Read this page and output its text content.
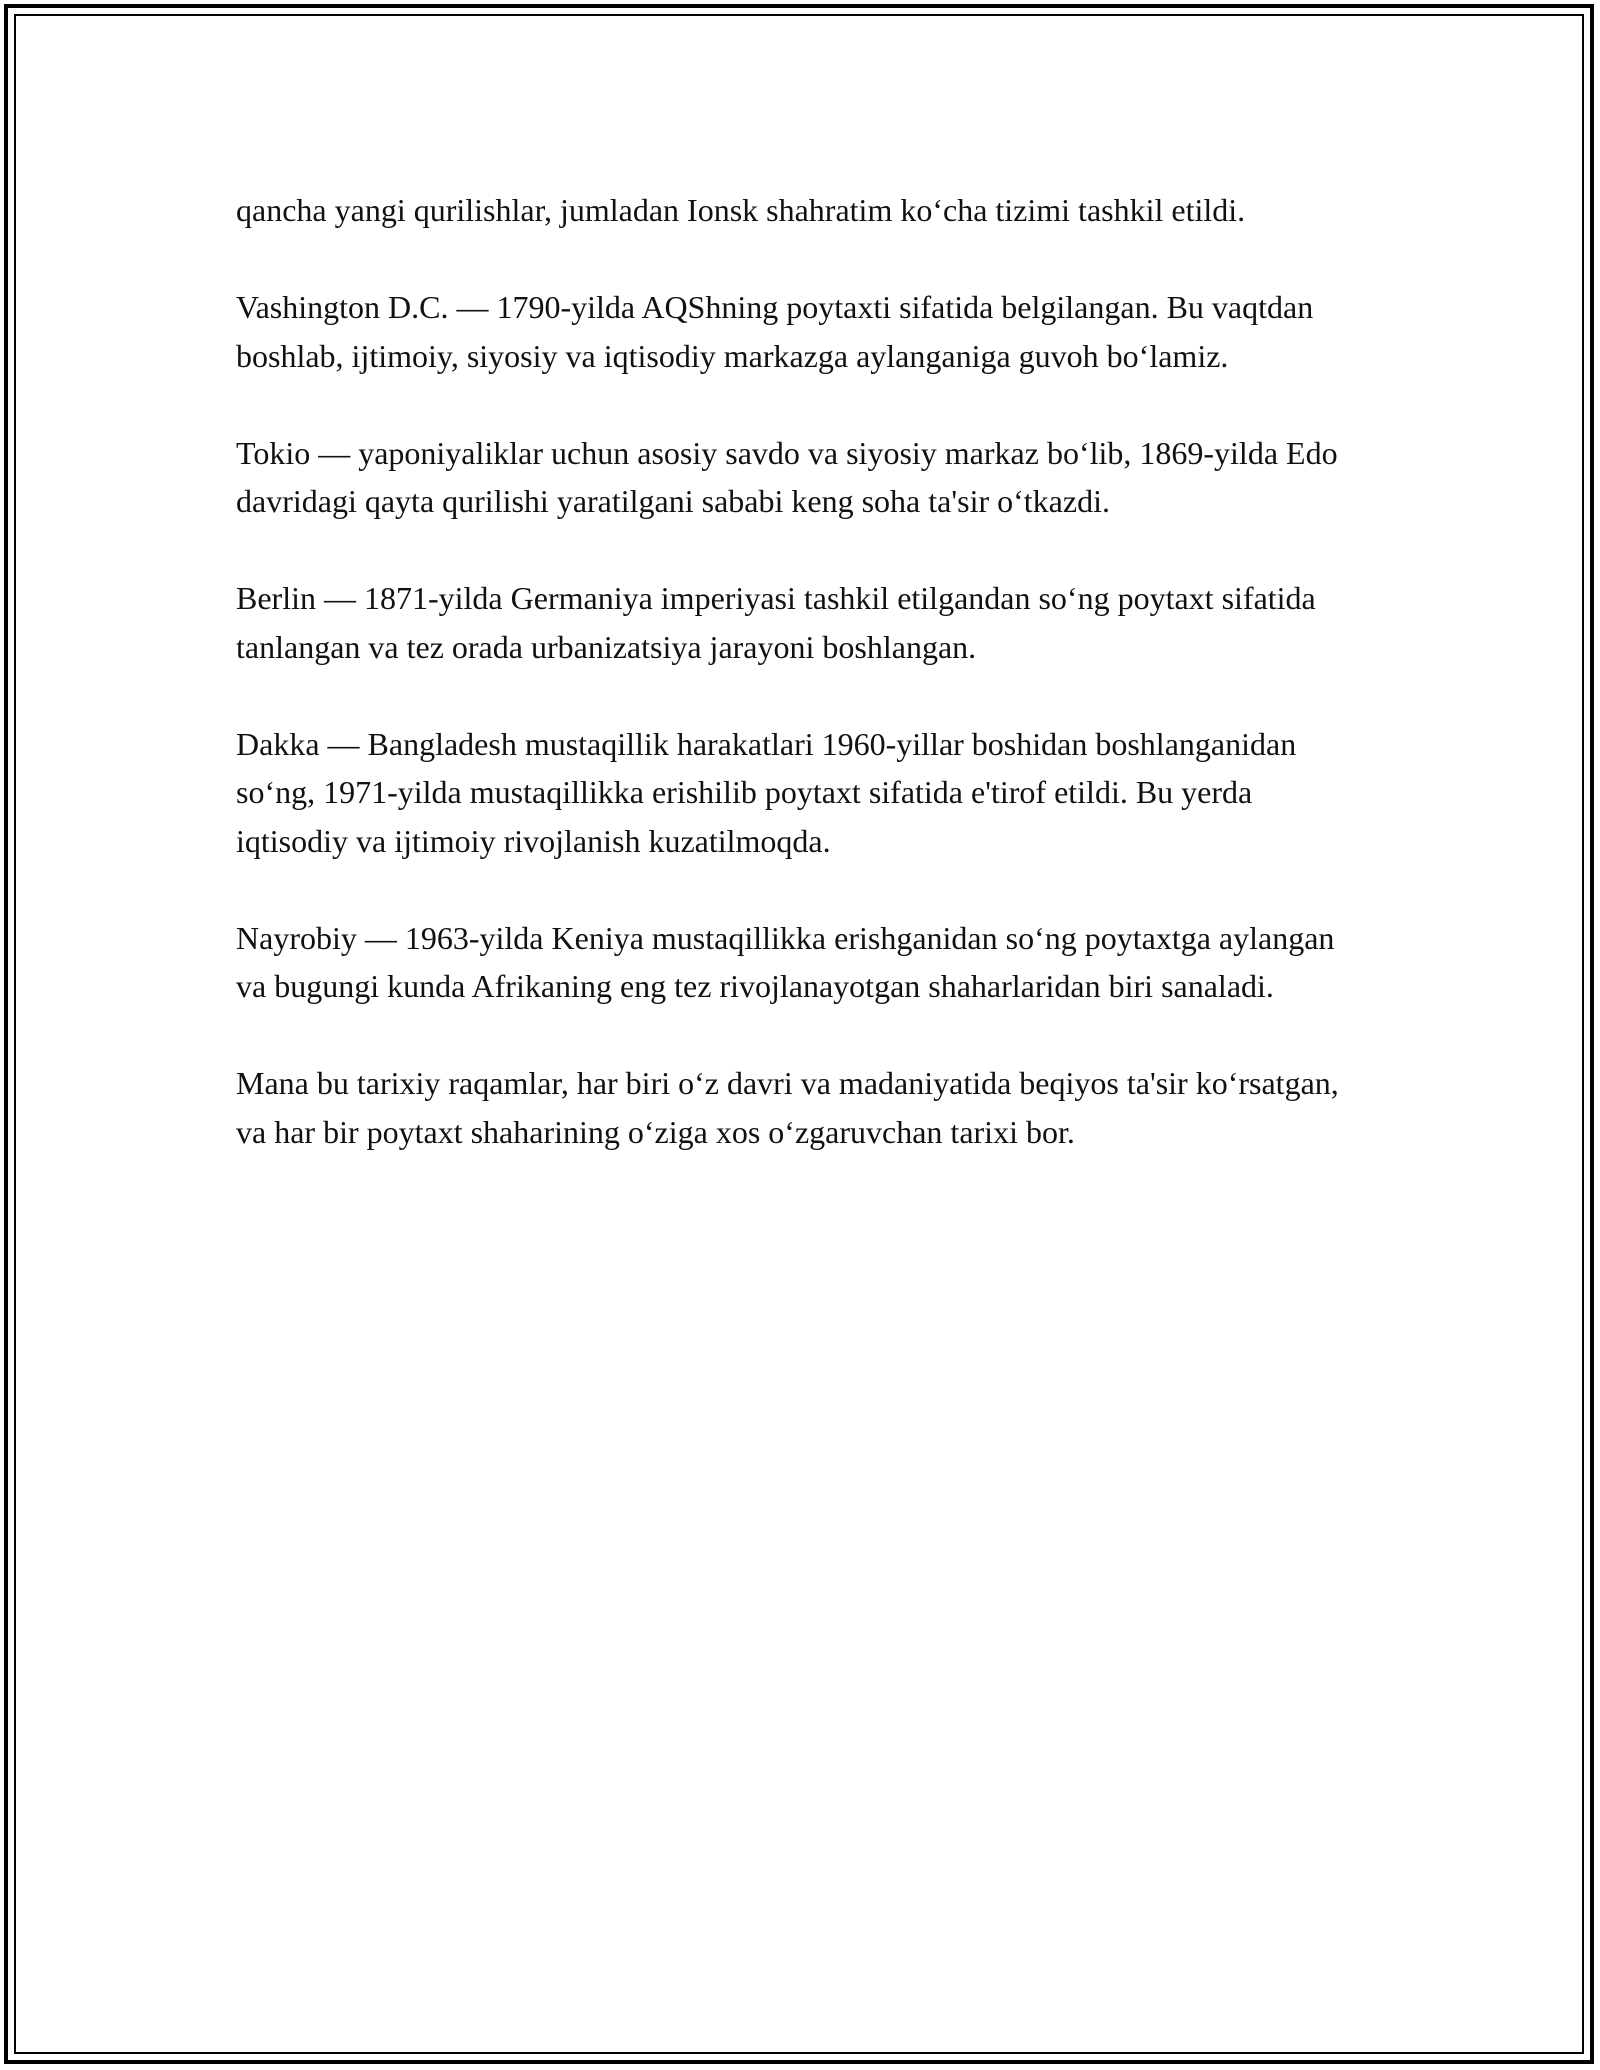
qancha yangi qurilishlar, jumladan Ionsk shahratim ko‘cha tizimi tashkil etildi.

Vashington D.C. — 1790-yilda AQShning poytaxti sifatida belgilangan. Bu vaqtdan boshlab, ijtimoiy, siyosiy va iqtisodiy markazga aylanganiga guvoh bo‘lamiz.

Tokio — yaponiyaliklar uchun asosiy savdo va siyosiy markaz bo‘lib, 1869-yilda Edo davridagi qayta qurilishi yaratilgani sababi keng soha ta'sir o‘tkazdi.

Berlin — 1871-yilda Germaniya imperiyasi tashkil etilgandan so‘ng poytaxt sifatida tanlangan va tez orada urbanizatsiya jarayoni boshlangan.

Dakka — Bangladesh mustaqillik harakatlari 1960-yillar boshidan boshlanganidan so‘ng, 1971-yilda mustaqillikka erishilib poytaxt sifatida e'tirof etildi. Bu yerda iqtisodiy va ijtimoiy rivojlanish kuzatilmoqda.

Nayrobiy — 1963-yilda Keniya mustaqillikka erishganidan so‘ng poytaxtga aylangan va bugungi kunda Afrikaning eng tez rivojlanayotgan shaharlaridan biri sanaladi.

Mana bu tarixiy raqamlar, har biri o‘z davri va madaniyatida beqiyos ta'sir ko‘rsatgan, va har bir poytaxt shaharining o‘ziga xos o‘zgaruvchan tarixi bor.
